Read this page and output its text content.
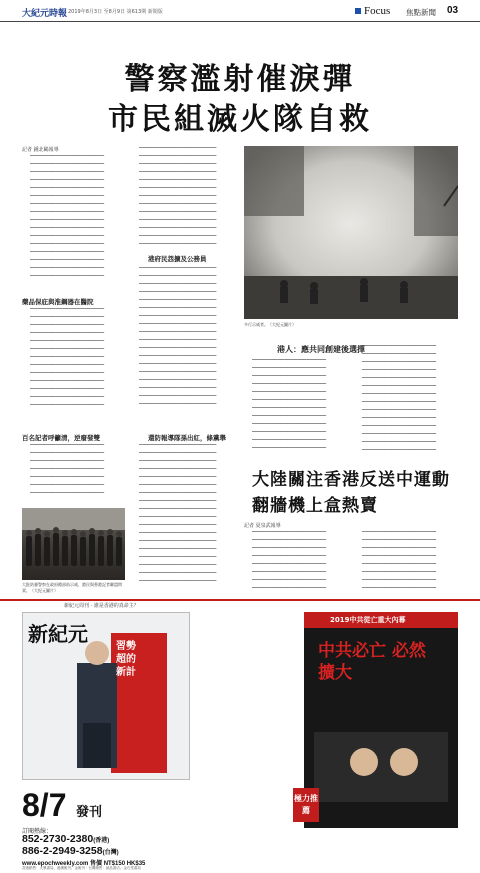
大紀元時報 2019年8月3日 至8月9日 第613期 新聞版	Focus 焦點新聞 03
警察濫射催淚彈
市民組滅火隊自救
記者 鍾北鷗報導

▔▔▔▔▔▔▔▔▔▔▔▔▔▔▔▔▔▔▔▔▔▔▔

▔▔▔▔▔▔▔▔▔▔▔▔▔▔▔▔▔▔▔▔▔▔▔

▔▔▔▔▔▔▔▔▔▔▔▔▔▔▔▔▔▔▔▔▔▔▔

▔▔▔▔▔▔▔▔▔▔▔▔▔▔▔▔▔▔▔▔▔▔▔

▔▔▔▔▔▔▔▔▔▔▔▔▔▔▔▔▔▔▔▔▔▔▔

▔▔▔▔▔▔▔▔▔▔▔▔▔▔▔▔▔▔▔▔▔▔▔

▔▔▔▔▔▔▔▔▔▔▔▔▔▔▔▔▔▔▔▔▔▔▔

▔▔▔▔▔▔▔▔▔▔▔▔▔▔▔▔▔▔▔▔▔▔▔

▔▔▔▔▔▔▔▔▔▔▔▔▔▔▔▔▔▔▔▔▔▔▔

▔▔▔▔▔▔▔▔▔▔▔▔▔▔▔▔▔▔▔▔▔▔▔

▔▔▔▔▔▔▔▔▔▔▔▔▔▔▔▔▔▔▔▔▔▔▔

▔▔▔▔▔▔▔▔▔▔▔▔▔▔▔▔▔▔▔▔▔▔▔

▔▔▔▔▔▔▔▔▔▔▔▔▔▔▔▔▔▔▔▔▔▔▔

▔▔▔▔▔▔▔▔▔▔▔▔▔▔▔▔▔▔▔▔▔▔▔

▔▔▔▔▔▔▔▔▔▔▔▔▔▔▔▔▔▔▔▔▔▔▔

▔▔▔▔▔▔▔▔▔▔▔▔▔▔▔▔▔▔▔▔▔▔▔

藥品保庇與淮鋼器在醫院

▔▔▔▔▔▔▔▔▔▔▔▔▔▔▔▔▔▔▔▔▔▔▔

▔▔▔▔▔▔▔▔▔▔▔▔▔▔▔▔▔▔▔▔▔▔▔

▔▔▔▔▔▔▔▔▔▔▔▔▔▔▔▔▔▔▔▔▔▔▔

▔▔▔▔▔▔▔▔▔▔▔▔▔▔▔▔▔▔▔▔▔▔▔

▔▔▔▔▔▔▔▔▔▔▔▔▔▔▔▔▔▔▔▔▔▔▔

▔▔▔▔▔▔▔▔▔▔▔▔▔▔▔▔▔▔▔▔▔▔▔

▔▔▔▔▔▔▔▔▔▔▔▔▔▔▔▔▔▔▔▔▔▔▔

▔▔▔▔▔▔▔▔▔▔▔▔▔▔▔▔▔▔▔▔▔▔▔

▔▔▔▔▔▔▔▔▔▔▔▔▔▔▔▔▔▔▔▔▔▔▔

▔▔▔▔▔▔▔▔▔▔▔▔▔▔▔▔▔▔▔▔▔▔▔

▔▔▔▔▔▔▔▔▔▔▔▔▔▔▔▔▔▔▔▔▔▔▔

▔▔▔▔▔▔▔▔▔▔▔▔▔▔▔▔▔▔▔▔▔▔▔

▔▔▔▔▔▔▔▔▔▔▔▔▔▔▔▔▔▔▔▔▔▔▔

百名記者呼籲清，逆廢發雙

▔▔▔▔▔▔▔▔▔▔▔▔▔▔▔▔▔▔▔▔▔▔▔

▔▔▔▔▔▔▔▔▔▔▔▔▔▔▔▔▔▔▔▔▔▔▔

▔▔▔▔▔▔▔▔▔▔▔▔▔▔▔▔▔▔▔▔▔▔▔

▔▔▔▔▔▔▔▔▔▔▔▔▔▔▔▔▔▔▔▔▔▔▔

▔▔▔▔▔▔▔▔▔▔▔▔▔▔▔▔▔▔▔▔▔▔▔

▔▔▔▔▔▔▔▔▔▔▔▔▔▔▔▔▔▔▔▔▔▔▔

▔▔▔▔▔▔▔▔▔▔▔▔▔▔▔▔▔▔▔▔▔▔▔

大批防暴警察在政府總部前示威，港民與香港記者聯盟問責。（大紀元圖片）

▔▔▔▔▔▔▔▔▔▔▔▔▔▔▔▔▔▔▔▔▔▔▔▔

▔▔▔▔▔▔▔▔▔▔▔▔▔▔▔▔▔▔▔▔▔▔▔▔

▔▔▔▔▔▔▔▔▔▔▔▔▔▔▔▔▔▔▔▔▔▔▔▔

▔▔▔▔▔▔▔▔▔▔▔▔▔▔▔▔▔▔▔▔▔▔▔▔

▔▔▔▔▔▔▔▔▔▔▔▔▔▔▔▔▔▔▔▔▔▔▔▔

▔▔▔▔▔▔▔▔▔▔▔▔▔▔▔▔▔▔▔▔▔▔▔▔

▔▔▔▔▔▔▔▔▔▔▔▔▔▔▔▔▔▔▔▔▔▔▔▔

▔▔▔▔▔▔▔▔▔▔▔▔▔▔▔▔▔▔▔▔▔▔▔▔

▔▔▔▔▔▔▔▔▔▔▔▔▔▔▔▔▔▔▔▔▔▔▔▔

▔▔▔▔▔▔▔▔▔▔▔▔▔▔▔▔▔▔▔▔▔▔▔▔

▔▔▔▔▔▔▔▔▔▔▔▔▔▔▔▔▔▔▔▔▔▔▔▔

▔▔▔▔▔▔▔▔▔▔▔▔▔▔▔▔▔▔▔▔▔▔▔▔

▔▔▔▔▔▔▔▔▔▔▔▔▔▔▔▔▔▔▔▔▔▔▔▔

港府民怨擴及公務員

▔▔▔▔▔▔▔▔▔▔▔▔▔▔▔▔▔▔▔▔▔▔▔▔

▔▔▔▔▔▔▔▔▔▔▔▔▔▔▔▔▔▔▔▔▔▔▔▔

▔▔▔▔▔▔▔▔▔▔▔▔▔▔▔▔▔▔▔▔▔▔▔▔

▔▔▔▔▔▔▔▔▔▔▔▔▔▔▔▔▔▔▔▔▔▔▔▔

▔▔▔▔▔▔▔▔▔▔▔▔▔▔▔▔▔▔▔▔▔▔▔▔

▔▔▔▔▔▔▔▔▔▔▔▔▔▔▔▔▔▔▔▔▔▔▔▔

▔▔▔▔▔▔▔▔▔▔▔▔▔▔▔▔▔▔▔▔▔▔▔▔

▔▔▔▔▔▔▔▔▔▔▔▔▔▔▔▔▔▔▔▔▔▔▔▔

▔▔▔▔▔▔▔▔▔▔▔▔▔▔▔▔▔▔▔▔▔▔▔▔

▔▔▔▔▔▔▔▔▔▔▔▔▔▔▔▔▔▔▔▔▔▔▔▔

▔▔▔▔▔▔▔▔▔▔▔▔▔▔▔▔▔▔▔▔▔▔▔▔

▔▔▔▔▔▔▔▔▔▔▔▔▔▔▔▔▔▔▔▔▔▔▔▔

▔▔▔▔▔▔▔▔▔▔▔▔▔▔▔▔▔▔▔▔▔▔▔▔

▔▔▔▔▔▔▔▔▔▔▔▔▔▔▔▔▔▔▔▔▔▔▔▔

▔▔▔▔▔▔▔▔▔▔▔▔▔▔▔▔▔▔▔▔▔▔▔▔

▔▔▔▔▔▔▔▔▔▔▔▔▔▔▔▔▔▔▔▔▔▔▔▔

▔▔▔▔▔▔▔▔▔▔▔▔▔▔▔▔▔▔▔▔▔▔▔▔

▔▔▔▔▔▔▔▔▔▔▔▔▔▔▔▔▔▔▔▔▔▔▔▔

還防報導隊孫出紅，條黨舉

▔▔▔▔▔▔▔▔▔▔▔▔▔▔▔▔▔▔▔▔▔▔▔▔

▔▔▔▔▔▔▔▔▔▔▔▔▔▔▔▔▔▔▔▔▔▔▔▔

▔▔▔▔▔▔▔▔▔▔▔▔▔▔▔▔▔▔▔▔▔▔▔▔

▔▔▔▔▔▔▔▔▔▔▔▔▔▔▔▔▔▔▔▔▔▔▔▔

▔▔▔▔▔▔▔▔▔▔▔▔▔▔▔▔▔▔▔▔▔▔▔▔

▔▔▔▔▔▔▔▔▔▔▔▔▔▔▔▔▔▔▔▔▔▔▔▔

▔▔▔▔▔▔▔▔▔▔▔▔▔▔▔▔▔▔▔▔▔▔▔▔

▔▔▔▔▔▔▔▔▔▔▔▔▔▔▔▔▔▔▔▔▔▔▔▔

▔▔▔▔▔▔▔▔▔▔▔▔▔▔▔▔▔▔▔▔▔▔▔▔

▔▔▔▔▔▔▔▔▔▔▔▔▔▔▔▔▔▔▔▔▔▔▔▔

▔▔▔▔▔▔▔▔▔▔▔▔▔▔▔▔▔▔▔▔▔▔▔▔

▔▔▔▔▔▔▔▔▔▔▔▔▔▔▔▔▔▔▔▔▔▔▔▔

▔▔▔▔▔▔▔▔▔▔▔▔▔▔▔▔▔▔▔▔▔▔▔▔

▔▔▔▔▔▔▔▔▔▔▔▔▔▔▔▔▔▔▔▔▔▔▔▔

▔▔▔▔▔▔▔▔▔▔▔▔▔▔▔▔▔▔▔▔▔▔▔▔

▔▔▔▔▔▔▔▔▔▔▔▔▔▔▔▔▔▔▔▔▔▔▔▔

▔▔▔▔▔▔▔▔▔▔▔▔▔▔▔▔▔▔▔▔▔▔▔▔

▔▔▔▔▔▔▔▔▔▔▔▔▔▔▔▔▔▔▔▔▔▔▔▔

多行示威者。（大紀元圖片）
港人：應共同創建後選擇

▔▔▔▔▔▔▔▔▔▔▔▔▔▔▔▔▔▔▔▔▔▔▔

▔▔▔▔▔▔▔▔▔▔▔▔▔▔▔▔▔▔▔▔▔▔▔

▔▔▔▔▔▔▔▔▔▔▔▔▔▔▔▔▔▔▔▔▔▔▔

▔▔▔▔▔▔▔▔▔▔▔▔▔▔▔▔▔▔▔▔▔▔▔

▔▔▔▔▔▔▔▔▔▔▔▔▔▔▔▔▔▔▔▔▔▔▔

▔▔▔▔▔▔▔▔▔▔▔▔▔▔▔▔▔▔▔▔▔▔▔

▔▔▔▔▔▔▔▔▔▔▔▔▔▔▔▔▔▔▔▔▔▔▔

▔▔▔▔▔▔▔▔▔▔▔▔▔▔▔▔▔▔▔▔▔▔▔

▔▔▔▔▔▔▔▔▔▔▔▔▔▔▔▔▔▔▔▔▔▔▔

▔▔▔▔▔▔▔▔▔▔▔▔▔▔▔▔▔▔▔▔▔▔▔

▔▔▔▔▔▔▔▔▔▔▔▔▔▔▔▔▔▔▔▔▔▔▔

▔▔▔▔▔▔▔▔▔▔▔▔▔▔▔▔▔▔▔▔▔▔▔

▔▔▔▔▔▔▔▔▔▔▔▔▔▔▔▔▔▔▔▔▔▔▔

▔▔▔▔▔▔▔▔▔▔▔▔▔▔▔▔▔▔▔▔▔▔▔

▔▔▔▔▔▔▔▔▔▔▔▔▔▔▔▔▔▔▔▔▔▔▔

▔▔▔▔▔▔▔▔▔▔▔▔▔▔▔▔▔▔▔▔▔▔▔

▔▔▔▔▔▔▔▔▔▔▔▔▔▔▔▔▔▔▔▔▔▔▔

▔▔▔▔▔▔▔▔▔▔▔▔▔▔▔▔▔▔▔▔▔▔▔

▔▔▔▔▔▔▔▔▔▔▔▔▔▔▔▔▔▔▔▔▔▔▔

▔▔▔▔▔▔▔▔▔▔▔▔▔▔▔▔▔▔▔▔▔▔▔

▔▔▔▔▔▔▔▔▔▔▔▔▔▔▔▔▔▔▔▔▔▔▔

▔▔▔▔▔▔▔▔▔▔▔▔▔▔▔▔▔▔▔▔▔▔▔

▔▔▔▔▔▔▔▔▔▔▔▔▔▔▔▔▔▔▔▔▔▔▔

▔▔▔▔▔▔▔▔▔▔▔▔▔▔▔▔▔▔▔▔▔▔▔

▔▔▔▔▔▔▔▔▔▔▔▔▔▔▔▔▔▔▔▔▔▔▔

▔▔▔▔▔▔▔▔▔▔▔▔▔▔▔▔▔▔▔▔▔▔▔

大陸關注香港反送中運動
翻牆機上盒熱賣
記者 夏泉武報導

▔▔▔▔▔▔▔▔▔▔▔▔▔▔▔▔▔▔▔▔▔▔▔

▔▔▔▔▔▔▔▔▔▔▔▔▔▔▔▔▔▔▔▔▔▔▔

▔▔▔▔▔▔▔▔▔▔▔▔▔▔▔▔▔▔▔▔▔▔▔

▔▔▔▔▔▔▔▔▔▔▔▔▔▔▔▔▔▔▔▔▔▔▔

▔▔▔▔▔▔▔▔▔▔▔▔▔▔▔▔▔▔▔▔▔▔▔

▔▔▔▔▔▔▔▔▔▔▔▔▔▔▔▔▔▔▔▔▔▔▔

▔▔▔▔▔▔▔▔▔▔▔▔▔▔▔▔▔▔▔▔▔▔▔

▔▔▔▔▔▔▔▔▔▔▔▔▔▔▔▔▔▔▔▔▔▔▔

▔▔▔▔▔▔▔▔▔▔▔▔▔▔▔▔▔▔▔▔▔▔▔

▔▔▔▔▔▔▔▔▔▔▔▔▔▔▔▔▔▔▔▔▔▔▔

▔▔▔▔▔▔▔▔▔▔▔▔▔▔▔▔▔▔▔▔▔▔▔

▔▔▔▔▔▔▔▔▔▔▔▔▔▔▔▔▔▔▔▔▔▔▔

▔▔▔▔▔▔▔▔▔▔▔▔▔▔▔▔▔▔▔▔▔▔▔

▔▔▔▔▔▔▔▔▔▔▔▔▔▔▔▔▔▔▔▔▔▔▔

▔▔▔▔▔▔▔▔▔▔▔▔▔▔▔▔▔▔▔▔▔▔▔

▔▔▔▔▔▔▔▔▔▔▔▔▔▔▔▔▔▔▔▔▔▔▔

新紀元周刊 · 誰是香港的真命主？
新紀元
習勢超的新計
2019中共從亡重大內幕
中共必亡 必然擴大
極力推薦
8/7 發刊
訂閱熱線：
852-2730-2380(香港)
886-2-2949-3258(台灣)
www.epochweekly.com 售價 NT$150 HK$35
香港銷售：大眾書局、港澳報刊、金報刊 · 台灣銷售：誠品書店、金石堂書局
